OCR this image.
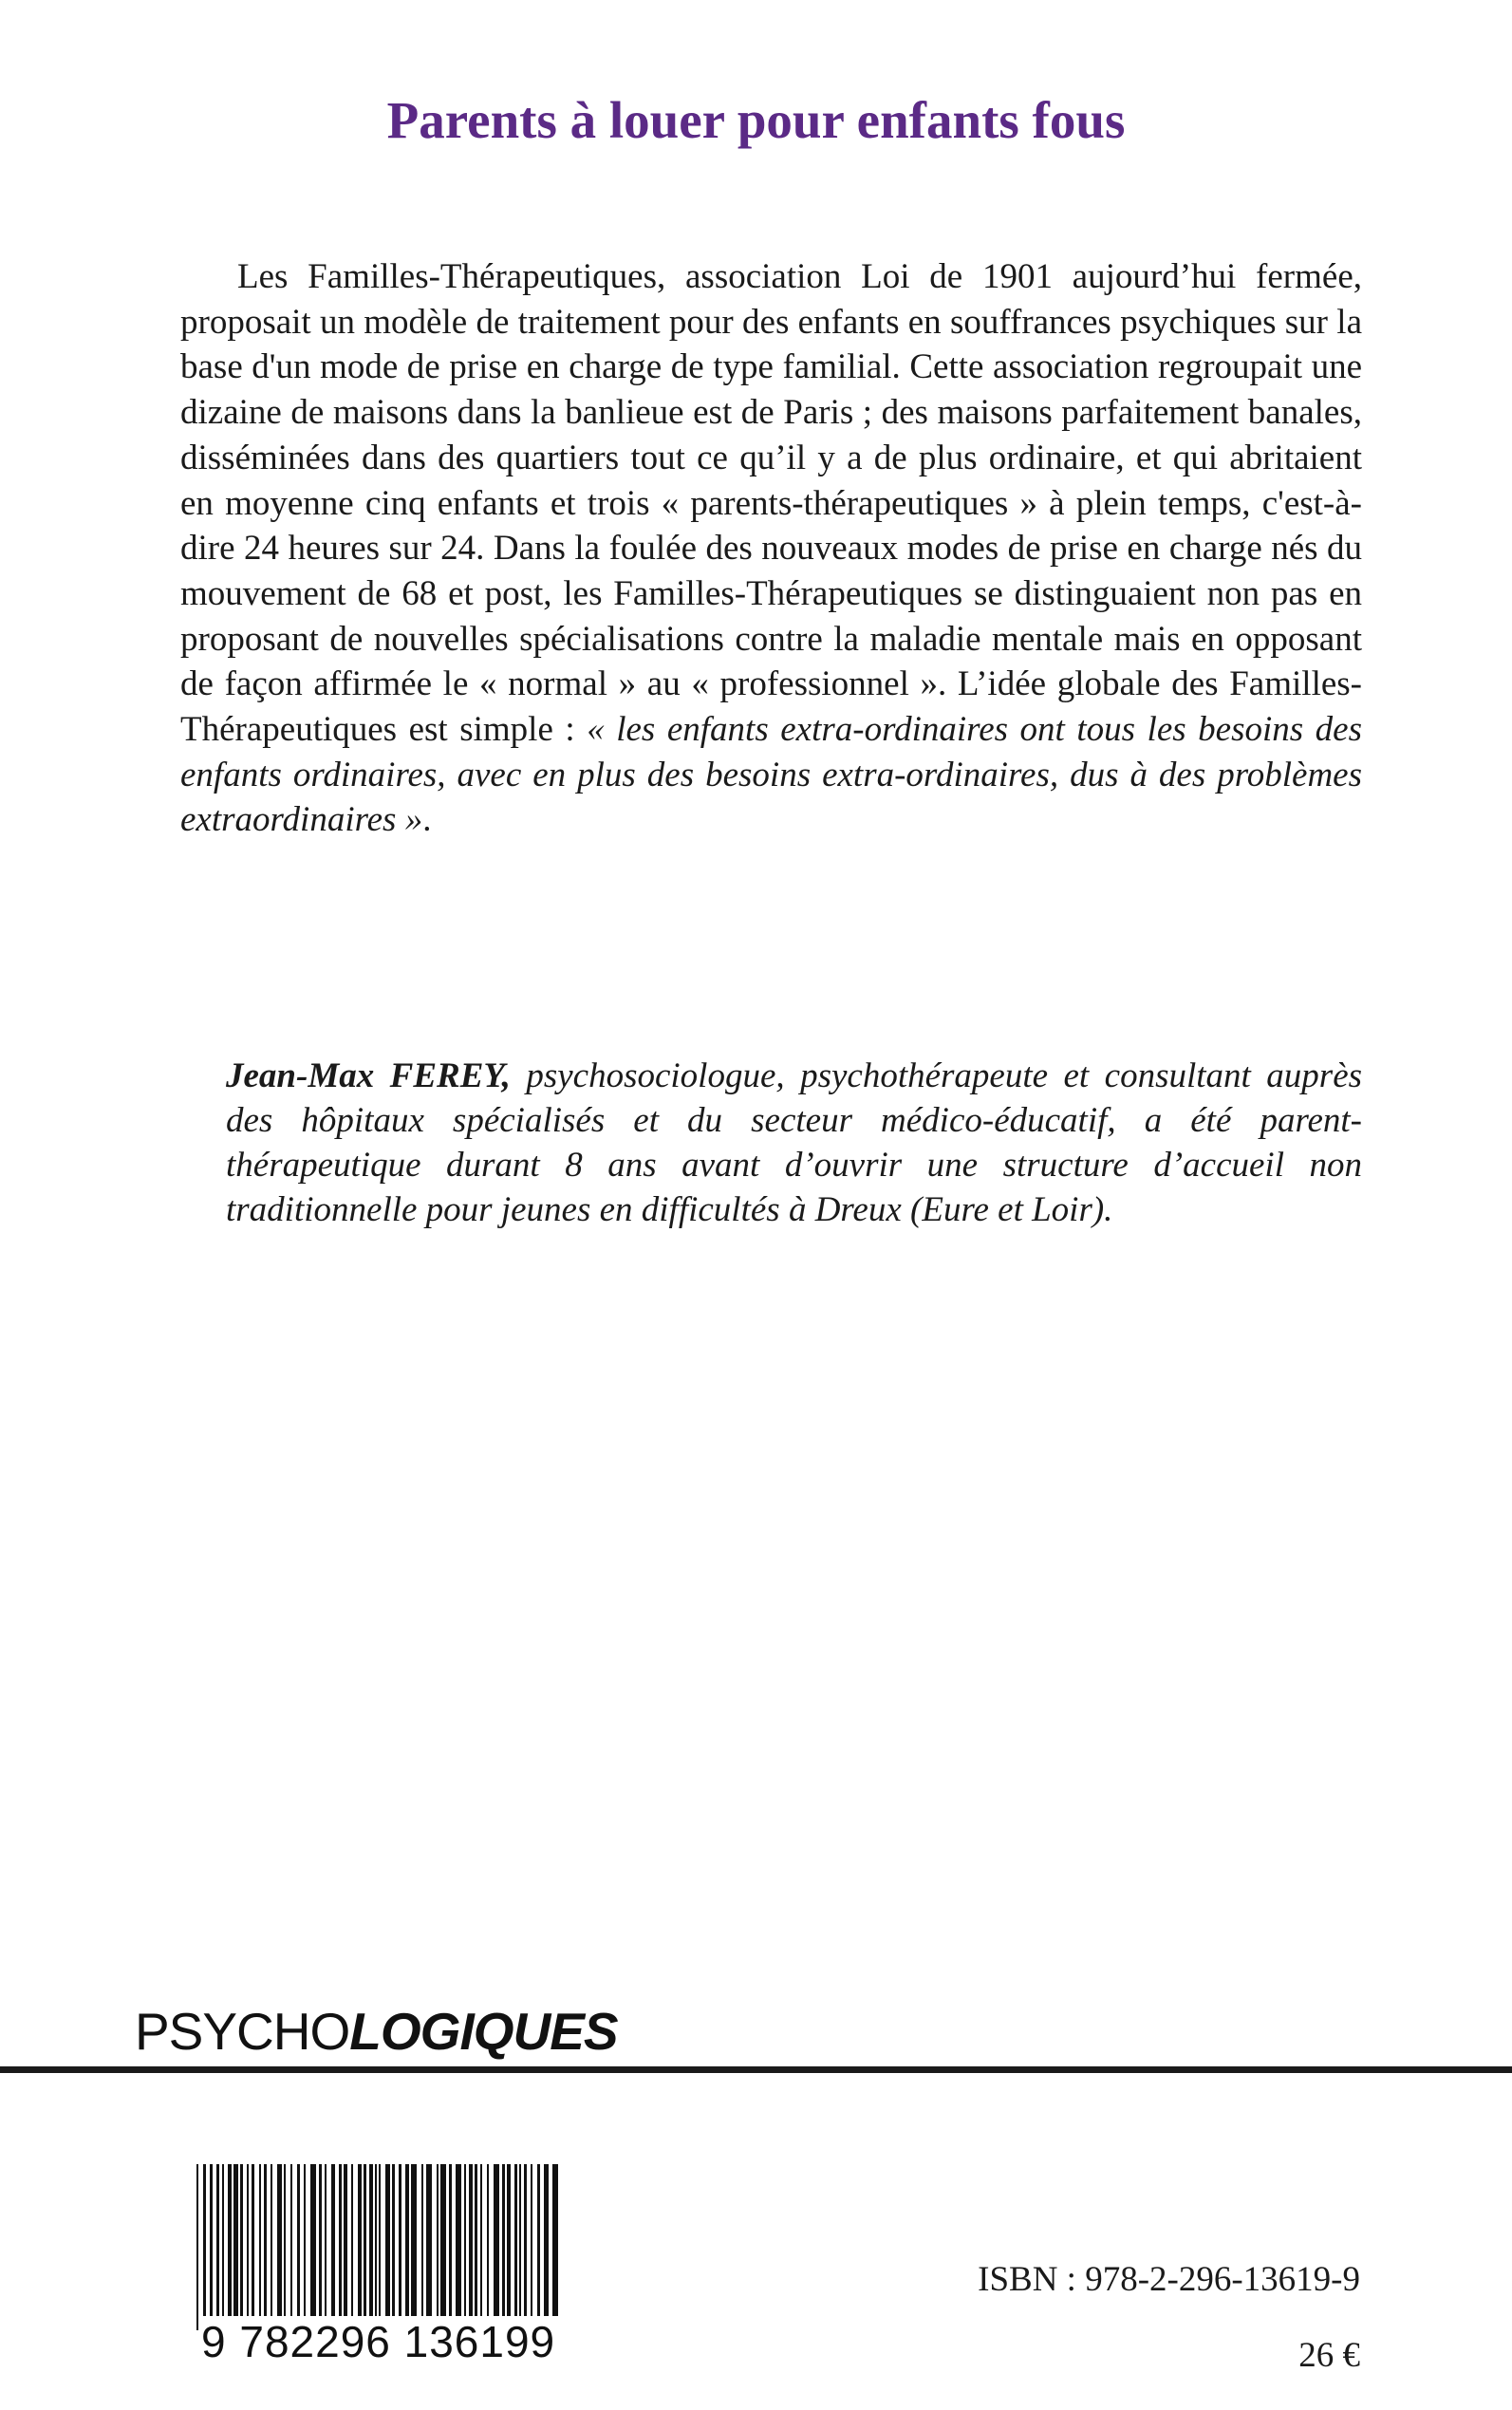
Parents à louer pour enfants fous

Les Familles-Thérapeutiques, association Loi de 1901 aujourd’hui fermée, proposait un modèle de traitement pour des enfants en souffrances psychiques sur la base d'un mode de prise en charge de type familial. Cette association regroupait une dizaine de maisons dans la banlieue est de Paris ; des maisons parfaitement banales, disséminées dans des quartiers tout ce qu’il y a de plus ordinaire, et qui abritaient en moyenne cinq enfants et trois « parents-thérapeutiques » à plein temps, c'est-à-dire 24 heures sur 24. Dans la foulée des nouveaux modes de prise en charge nés du mouvement de 68 et post, les Familles-Thérapeutiques se distinguaient non pas en proposant de nouvelles spécialisations contre la maladie mentale mais en opposant de façon affirmée le « normal » au « professionnel ». L’idée globale des Familles-Thérapeutiques est simple : « les enfants extra-ordinaires ont tous les besoins des enfants ordinaires, avec en plus des besoins extra-ordinaires, dus à des problèmes extraordinaires ».

Jean-Max FEREY, psychosociologue, psychothérapeute et consultant auprès des hôpitaux spécialisés et du secteur médico-éducatif, a été parent-thérapeutique durant 8 ans avant d’ouvrir une structure d’accueil non traditionnelle pour jeunes en difficultés à Dreux (Eure et Loir).

PSYCHOLOGIQUES
9 782296 136199
ISBN : 978-2-296-13619-9
26 €
